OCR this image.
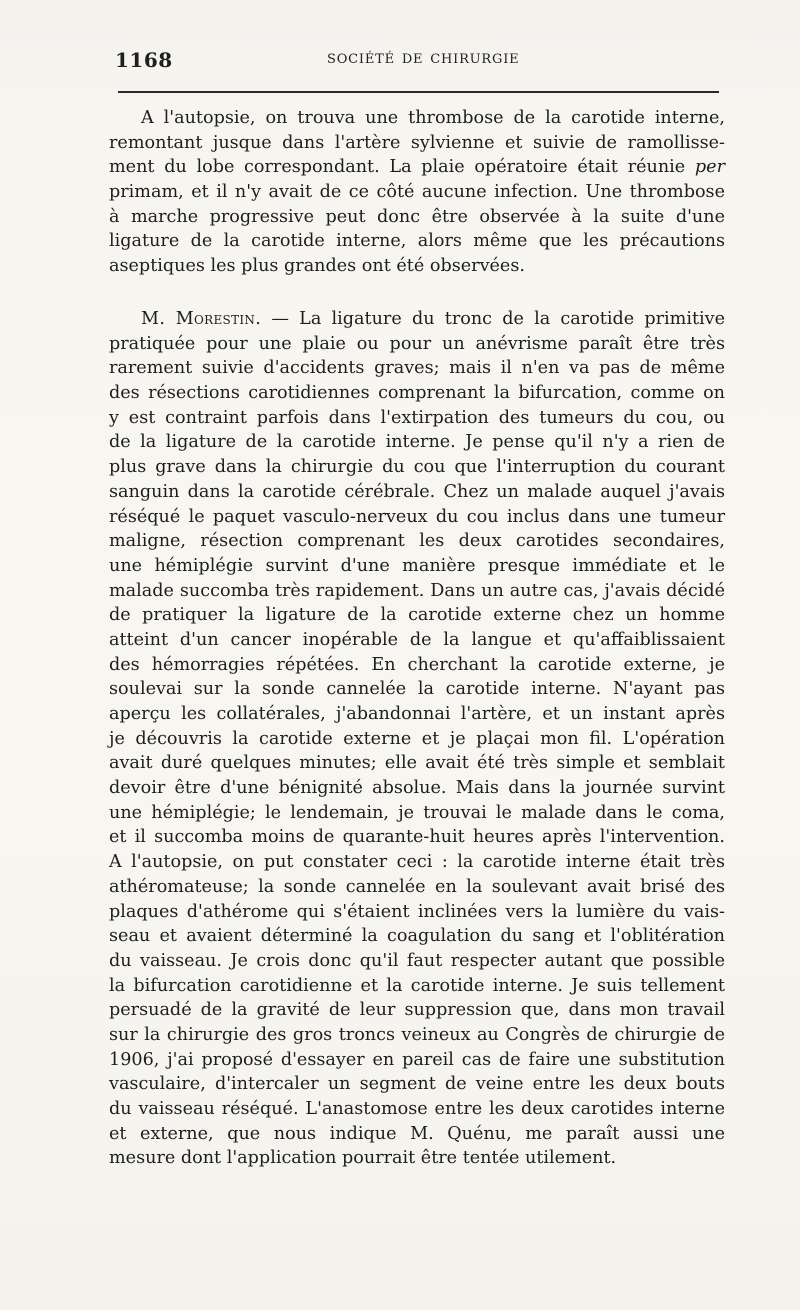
1168	SOCIÉTÉ DE CHIRURGIE
A l'autopsie, on trouva une thrombose de la carotide interne,
remontant jusque dans l'artère sylvienne et suivie de ramollisse-
ment du lobe correspondant. La plaie opératoire était réunie per
primam, et il n'y avait de ce côté aucune infection. Une thrombose
à marche progressive peut donc être observée à la suite d'une
ligature de la carotide interne, alors même que les précautions
aseptiques les plus grandes ont été observées.
M. Morestin. — La ligature du tronc de la carotide primitive
pratiquée pour une plaie ou pour un anévrisme paraît être très
rarement suivie d'accidents graves; mais il n'en va pas de même
des résections carotidiennes comprenant la bifurcation, comme on
y est contraint parfois dans l'extirpation des tumeurs du cou, ou
de la ligature de la carotide interne. Je pense qu'il n'y a rien de
plus grave dans la chirurgie du cou que l'interruption du courant
sanguin dans la carotide cérébrale. Chez un malade auquel j'avais
réséqué le paquet vasculo-nerveux du cou inclus dans une tumeur
maligne, résection comprenant les deux carotides secondaires,
une hémiplégie survint d'une manière presque immédiate et le
malade succomba très rapidement. Dans un autre cas, j'avais décidé
de pratiquer la ligature de la carotide externe chez un homme
atteint d'un cancer inopérable de la langue et qu'affaiblissaient
des hémorragies répétées. En cherchant la carotide externe, je
soulevai sur la sonde cannelée la carotide interne. N'ayant pas
aperçu les collatérales, j'abandonnai l'artère, et un instant après
je découvris la carotide externe et je plaçai mon fil. L'opération
avait duré quelques minutes; elle avait été très simple et semblait
devoir être d'une bénignité absolue. Mais dans la journée survint
une hémiplégie; le lendemain, je trouvai le malade dans le coma,
et il succomba moins de quarante-huit heures après l'intervention.
A l'autopsie, on put constater ceci : la carotide interne était très
athéromateuse; la sonde cannelée en la soulevant avait brisé des
plaques d'athérome qui s'étaient inclinées vers la lumière du vais-
seau et avaient déterminé la coagulation du sang et l'oblitération
du vaisseau. Je crois donc qu'il faut respecter autant que possible
la bifurcation carotidienne et la carotide interne. Je suis tellement
persuadé de la gravité de leur suppression que, dans mon travail
sur la chirurgie des gros troncs veineux au Congrès de chirurgie de
1906, j'ai proposé d'essayer en pareil cas de faire une substitution
vasculaire, d'intercaler un segment de veine entre les deux bouts
du vaisseau réséqué. L'anastomose entre les deux carotides interne
et externe, que nous indique M. Quénu, me paraît aussi une
mesure dont l'application pourrait être tentée utilement.
